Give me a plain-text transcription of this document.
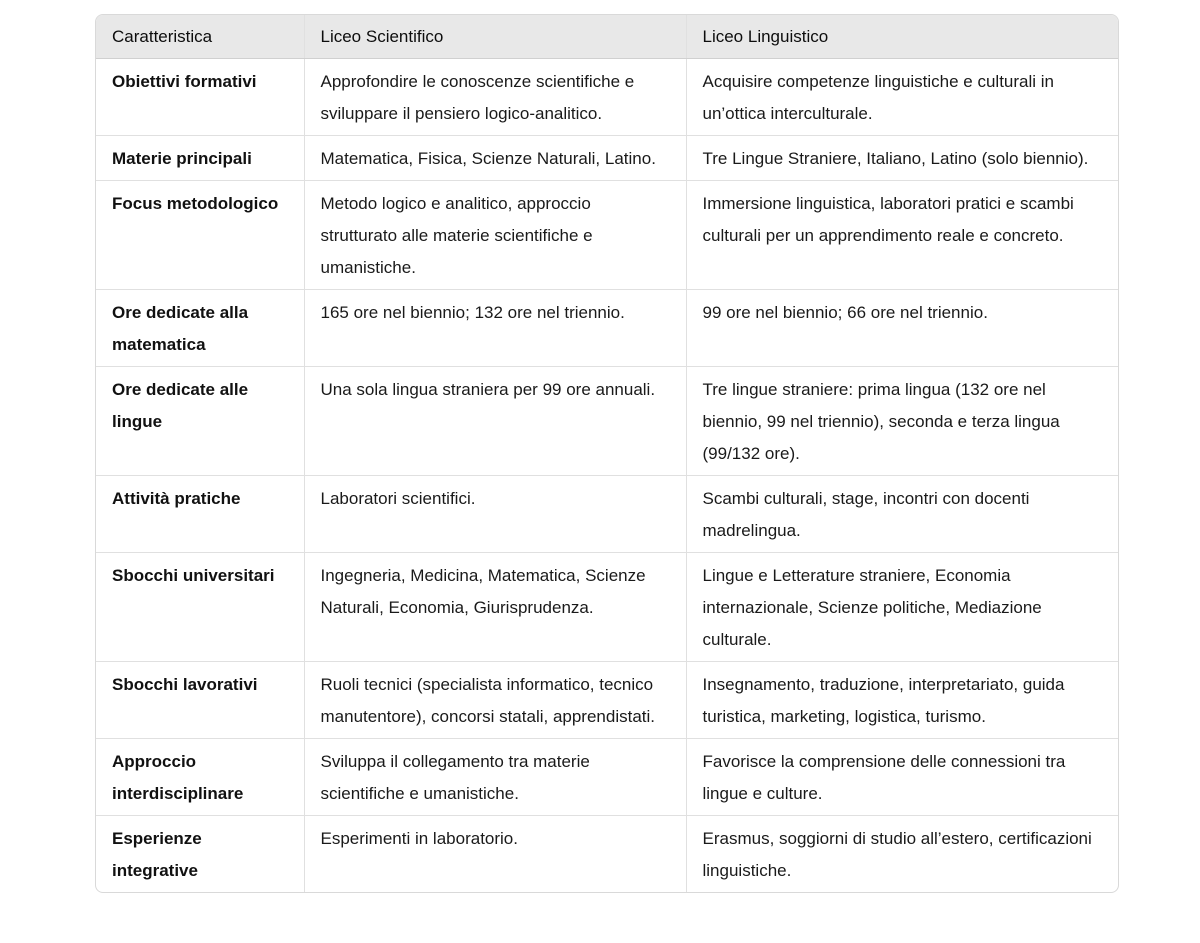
Caratteristica	Liceo Scientifico	Liceo Linguistico
Obiettivi formativi	Approfondire le conoscenze scientifiche e sviluppare il pensiero logico-analitico.	Acquisire competenze linguistiche e culturali in un’ottica interculturale.
Materie principali	Matematica, Fisica, Scienze Naturali, Latino.	Tre Lingue Straniere, Italiano, Latino (solo biennio).
Focus metodologico	Metodo logico e analitico, approccio strutturato alle materie scientifiche e umanistiche.	Immersione linguistica, laboratori pratici e scambi culturali per un apprendimento reale e concreto.
Ore dedicate alla matematica	165 ore nel biennio; 132 ore nel triennio.	99 ore nel biennio; 66 ore nel triennio.
Ore dedicate alle lingue	Una sola lingua straniera per 99 ore annuali.	Tre lingue straniere: prima lingua (132 ore nel biennio, 99 nel triennio), seconda e terza lingua (99/132 ore).
Attività pratiche	Laboratori scientifici.	Scambi culturali, stage, incontri con docenti madrelingua.
Sbocchi universitari	Ingegneria, Medicina, Matematica, Scienze Naturali, Economia, Giurisprudenza.	Lingue e Letterature straniere, Economia internazionale, Scienze politiche, Mediazione culturale.
Sbocchi lavorativi	Ruoli tecnici (specialista informatico, tecnico manutentore), concorsi statali, apprendistati.	Insegnamento, traduzione, interpretariato, guida turistica, marketing, logistica, turismo.
Approccio interdisciplinare	Sviluppa il collegamento tra materie scientifiche e umanistiche.	Favorisce la comprensione delle connessioni tra lingue e culture.
Esperienze integrative	Esperimenti in laboratorio.	Erasmus, soggiorni di studio all’estero, certificazioni linguistiche.
